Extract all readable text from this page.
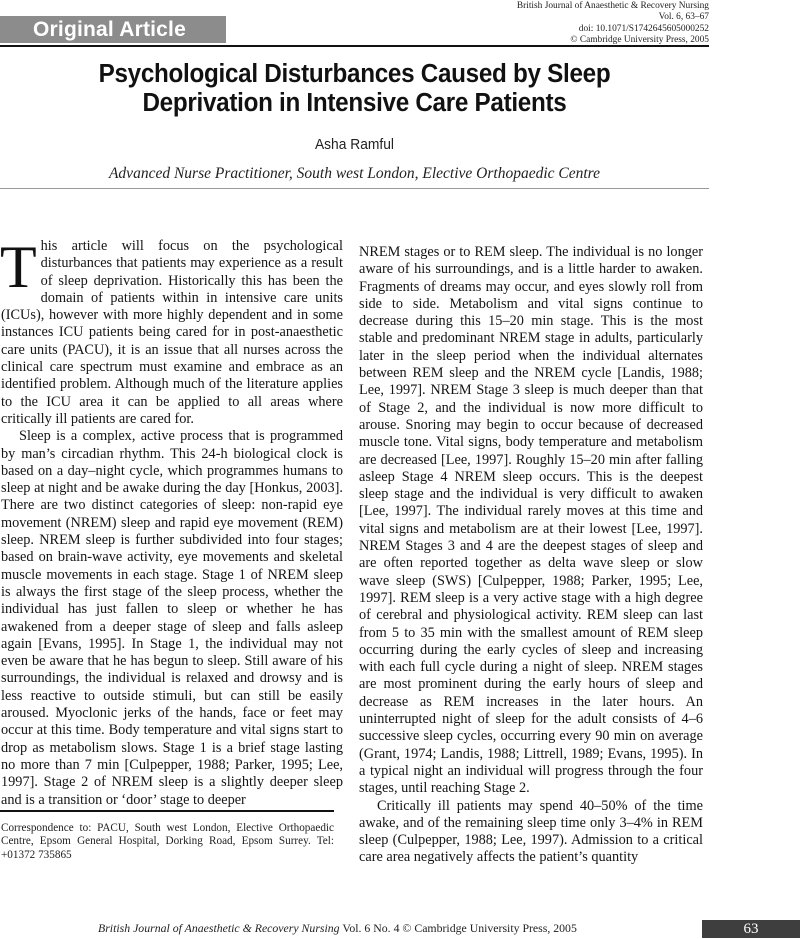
Original Article
British Journal of Anaesthetic & Recovery Nursing
Vol. 6, 63–67
doi: 10.1071/S1742645605000252
© Cambridge University Press, 2005
Psychological Disturbances Caused by Sleep
Deprivation in Intensive Care Patients
Asha Ramful
Advanced Nurse Practitioner, South west London, Elective Orthopaedic Centre

This article will focus on the psychological disturbances that patients may experience as a result of sleep deprivation. Historically this has been the domain of patients within in intensive care units (ICUs), however with more highly dependent and in some instances ICU patients being cared for in post-anaesthetic care units (PACU), it is an issue that all nurses across the clinical care spectrum must examine and embrace as an identified problem. Although much of the literature applies to the ICU area it can be applied to all areas where critically ill patients are cared for.

Sleep is a complex, active process that is programmed by man’s circadian rhythm. This 24-h biological clock is based on a day–night cycle, which programmes humans to sleep at night and be awake during the day [Honkus, 2003]. There are two distinct categories of sleep: non-rapid eye movement (NREM) sleep and rapid eye movement (REM) sleep. NREM sleep is further subdivided into four stages; based on brain-wave activity, eye movements and skeletal muscle movements in each stage. Stage 1 of NREM sleep is always the first stage of the sleep process, whether the individual has just fallen to sleep or whether he has awakened from a deeper stage of sleep and falls asleep again [Evans, 1995]. In Stage 1, the individual may not even be aware that he has begun to sleep. Still aware of his surroundings, the individual is relaxed and drowsy and is less reactive to outside stimuli, but can still be easily aroused. Myoclonic jerks of the hands, face or feet may occur at this time. Body temperature and vital signs start to drop as metabolism slows. Stage 1 is a brief stage lasting no more than 7 min [Culpepper, 1988; Parker, 1995; Lee, 1997]. Stage 2 of NREM sleep is a slightly deeper sleep and is a transition or ‘door’ stage to deeper

NREM stages or to REM sleep. The individual is no longer aware of his surroundings, and is a little harder to awaken. Fragments of dreams may occur, and eyes slowly roll from side to side. Metabolism and vital signs continue to decrease during this 15–20 min stage. This is the most stable and predominant NREM stage in adults, particularly later in the sleep period when the individual alternates between REM sleep and the NREM cycle [Landis, 1988; Lee, 1997]. NREM Stage 3 sleep is much deeper than that of Stage 2, and the individual is now more difficult to arouse. Snoring may begin to occur because of decreased muscle tone. Vital signs, body temperature and metabolism are decreased [Lee, 1997]. Roughly 15–20 min after falling asleep Stage 4 NREM sleep occurs. This is the deepest sleep stage and the individual is very difficult to awaken [Lee, 1997]. The individual rarely moves at this time and vital signs and metabolism are at their lowest [Lee, 1997]. NREM Stages 3 and 4 are the deepest stages of sleep and are often reported together as delta wave sleep or slow wave sleep (SWS) [Culpepper, 1988; Parker, 1995; Lee, 1997]. REM sleep is a very active stage with a high degree of cerebral and physiological activity. REM sleep can last from 5 to 35 min with the smallest amount of REM sleep occurring during the early cycles of sleep and increasing with each full cycle during a night of sleep. NREM stages are most prominent during the early hours of sleep and decrease as REM increases in the later hours. An uninterrupted night of sleep for the adult consists of 4–6 successive sleep cycles, occurring every 90 min on average (Grant, 1974; Landis, 1988; Littrell, 1989; Evans, 1995). In a typical night an individual will progress through the four stages, until reaching Stage 2.

Critically ill patients may spend 40–50% of the time awake, and of the remaining sleep time only 3–4% in REM sleep (Culpepper, 1988; Lee, 1997). Admission to a critical care area negatively affects the patient’s quantity

Correspondence to: PACU, South west London, Elective Orthopaedic Centre, Epsom General Hospital, Dorking Road, Epsom Surrey. Tel: +01372 735865
British Journal of Anaesthetic & Recovery Nursing Vol. 6 No. 4 © Cambridge University Press, 2005	63
